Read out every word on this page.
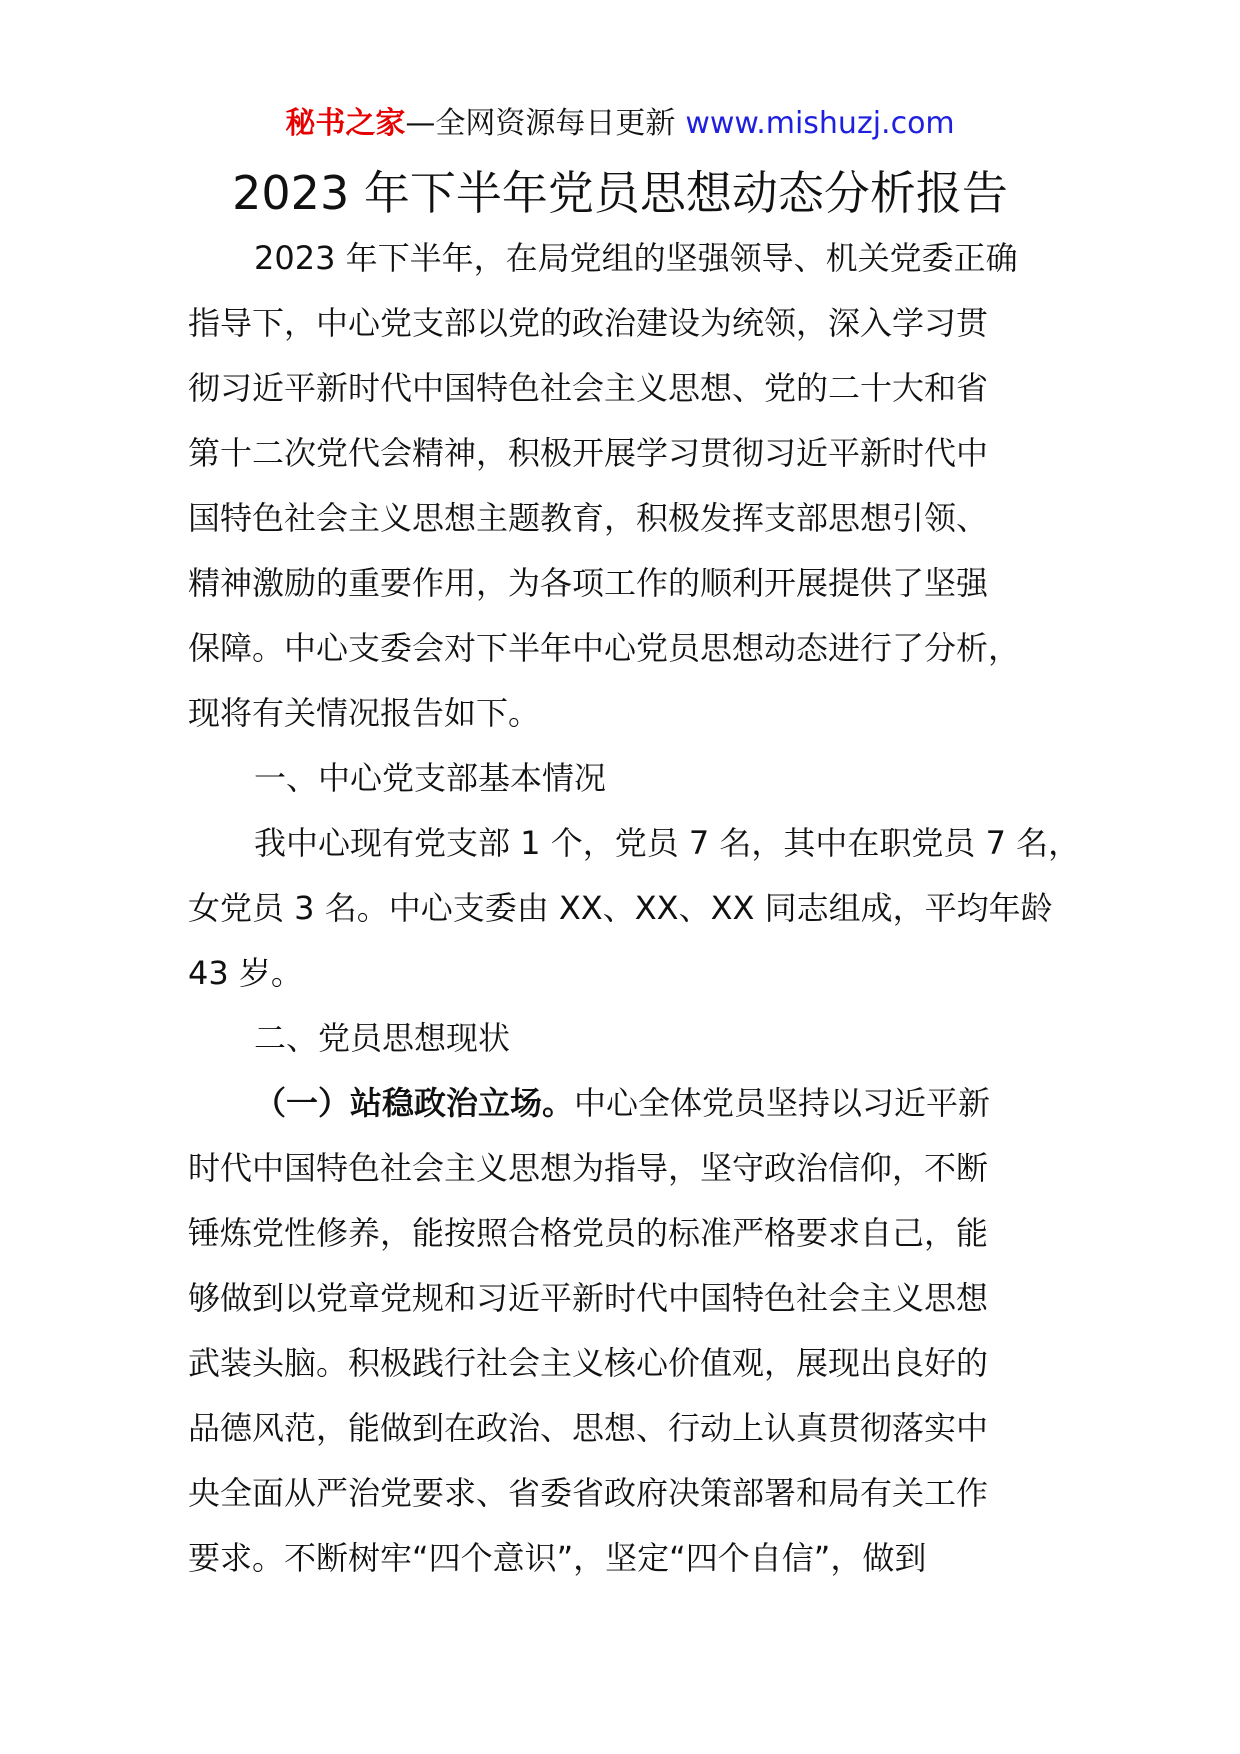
秘书之家—全网资源每日更新 www.mishuzj.com
2023 年下半年党员思想动态分析报告
2023 年下半年，在局党组的坚强领导、机关党委正确
指导下，中心党支部以党的政治建设为统领，深入学习贯
彻习近平新时代中国特色社会主义思想、党的二十大和省
第十二次党代会精神，积极开展学习贯彻习近平新时代中
国特色社会主义思想主题教育，积极发挥支部思想引领、
精神激励的重要作用，为各项工作的顺利开展提供了坚强
保障。中心支委会对下半年中心党员思想动态进行了分析，
现将有关情况报告如下。
一、中心党支部基本情况
我中心现有党支部 1 个，党员 7 名，其中在职党员 7 名，
女党员 3 名。中心支委由 XX、XX、XX 同志组成，平均年龄
43 岁。
二、党员思想现状
（一）站稳政治立场。中心全体党员坚持以习近平新
时代中国特色社会主义思想为指导，坚守政治信仰，不断
锤炼党性修养，能按照合格党员的标准严格要求自己，能
够做到以党章党规和习近平新时代中国特色社会主义思想
武装头脑。积极践行社会主义核心价值观，展现出良好的
品德风范，能做到在政治、思想、行动上认真贯彻落实中
央全面从严治党要求、省委省政府决策部署和局有关工作
要求。不断树牢“四个意识”，坚定“四个自信”，做到
